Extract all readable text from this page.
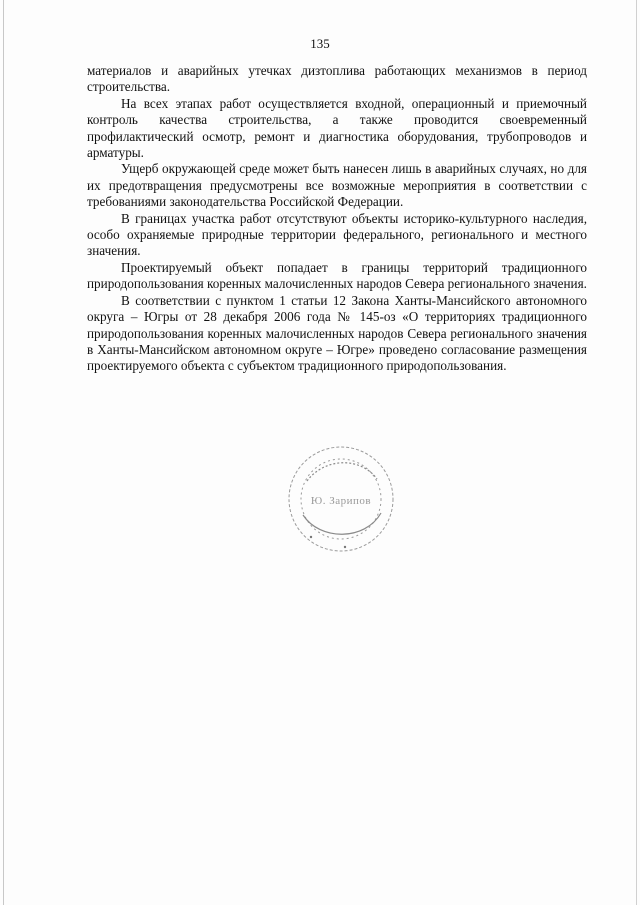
135

материалов и аварийных утечках дизтоплива работающих механизмов в период строительства.

На всех этапах работ осуществляется входной, операционный и приемочный контроль качества строительства, а также проводится своевременный профилактический осмотр, ремонт и диагностика оборудования, трубопроводов и арматуры.

Ущерб окружающей среде может быть нанесен лишь в аварийных случаях, но для их предотвращения предусмотрены все возможные мероприятия в соответствии с требованиями законодательства Российской Федерации.

В границах участка работ отсутствуют объекты историко-культурного наследия, особо охраняемые природные территории федерального, регионального и местного значения.

Проектируемый объект попадает в границы территорий традиционного природопользования коренных малочисленных народов Севера регионального значения.

В соответствии с пунктом 1 статьи 12 Закона Ханты-Мансийского автономного округа – Югры от 28 декабря 2006 года № 145-оз «О территориях традиционного природопользования коренных малочисленных народов Севера регионального значения в Ханты-Мансийском автономном округе – Югре» проведено согласование размещения проектируемого объекта с субъектом традиционного природопользования.

Ю. Зарипов
